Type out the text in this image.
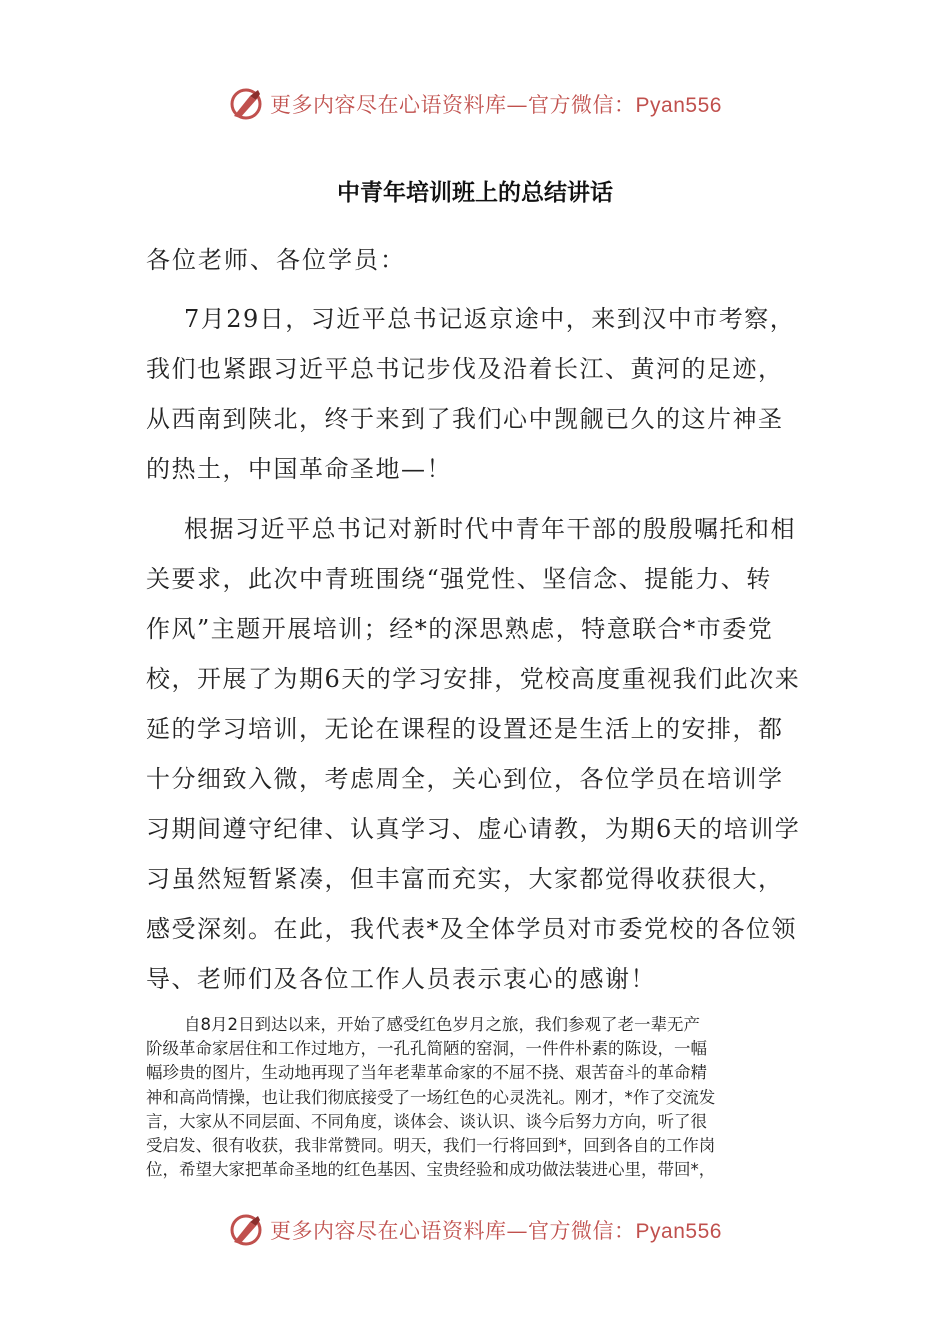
更多内容尽在心语资料库—官方微信：Pyan556
中青年培训班上的总结讲话
各位老师、各位学员：
7月29日，习近平总书记返京途中，来到汉中市考察，
我们也紧跟习近平总书记步伐及沿着长江、黄河的足迹，
从西南到陕北，终于来到了我们心中觊觎已久的这片神圣
的热土，中国革命圣地—！
根据习近平总书记对新时代中青年干部的殷殷嘱托和相
关要求，此次中青班围绕“强党性、坚信念、提能力、转
作风”主题开展培训；经*的深思熟虑，特意联合*市委党
校，开展了为期6天的学习安排，党校高度重视我们此次来
延的学习培训，无论在课程的设置还是生活上的安排，都
十分细致入微，考虑周全，关心到位，各位学员在培训学
习期间遵守纪律、认真学习、虚心请教，为期6天的培训学
习虽然短暂紧凑，但丰富而充实，大家都觉得收获很大，
感受深刻。在此，我代表*及全体学员对市委党校的各位领
导、老师们及各位工作人员表示衷心的感谢！
自8月2日到达以来，开始了感受红色岁月之旅，我们参观了老一辈无产
阶级革命家居住和工作过地方，一孔孔简陋的窑洞，一件件朴素的陈设，一幅
幅珍贵的图片，生动地再现了当年老辈革命家的不屈不挠、艰苦奋斗的革命精
神和高尚情操，也让我们彻底接受了一场红色的心灵洗礼。刚才，*作了交流发
言，大家从不同层面、不同角度，谈体会、谈认识、谈今后努力方向，听了很
受启发、很有收获，我非常赞同。明天，我们一行将回到*，回到各自的工作岗
位，希望大家把革命圣地的红色基因、宝贵经验和成功做法装进心里，带回*，
更多内容尽在心语资料库—官方微信：Pyan556
